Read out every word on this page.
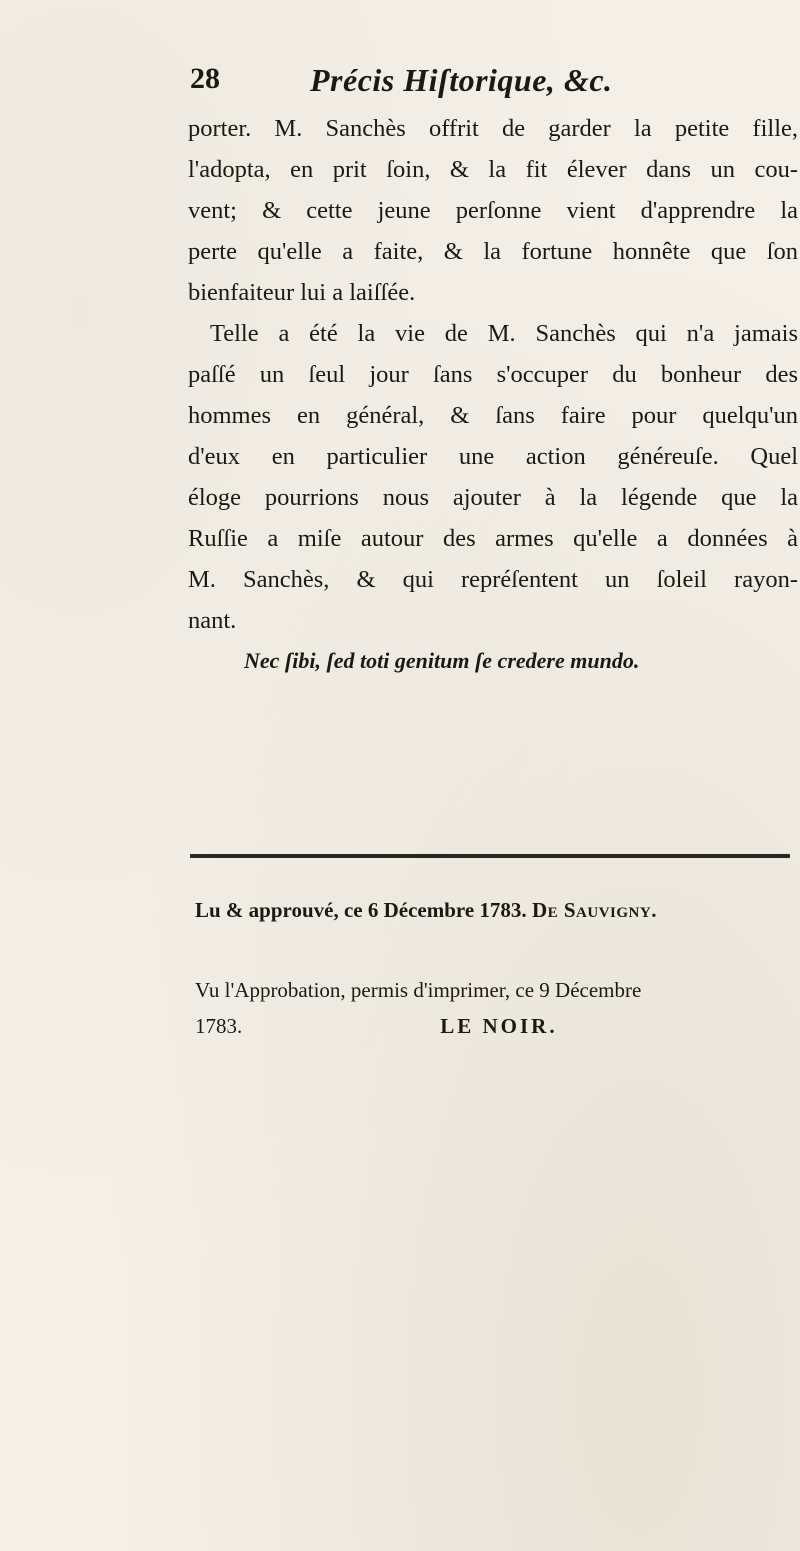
28	Précis Hiſtorique, &c.
porter. M. Sanchès offrit de garder la petite fille,
l'adopta, en prit ſoin, & la fit élever dans un cou-
vent; & cette jeune perſonne vient d'apprendre la
perte qu'elle a faite, & la fortune honnête que ſon
bienfaiteur lui a laiſſée.
Telle a été la vie de M. Sanchès qui n'a jamais
paſſé un ſeul jour ſans s'occuper du bonheur des
hommes en général, & ſans faire pour quelqu'un
d'eux en particulier une action généreuſe. Quel
éloge pourrions nous ajouter à la légende que la
Ruſſie a miſe autour des armes qu'elle a données à
M. Sanchès, & qui repréſentent un ſoleil rayon-
nant.
Nec ſibi, ſed toti genitum ſe credere mundo.
Lu & approuvé, ce 6 Décembre 1783. De Sauvigny.
Vu l'Approbation, permis d'imprimer, ce 9 Décembre
1783.	LE NOIR.
